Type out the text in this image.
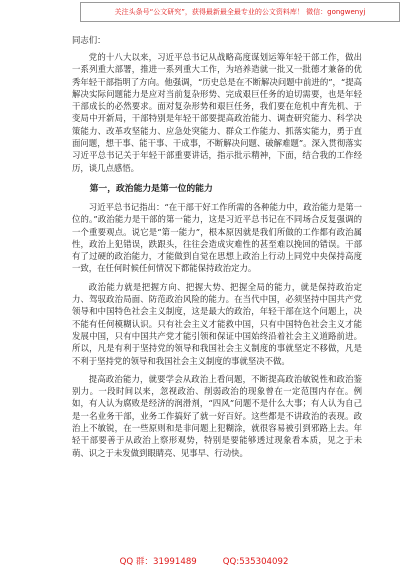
关注头条号“公文研究”，获得最新最全最专业的公文资料库！ 微信：gongwenyj

同志们：

党的十八大以来，习近平总书记从战略高度谋划运筹年轻干部工作，做出一系列重大部署，推进一系列重大工作，为培养造就一批又一批德才兼备的优秀年轻干部指明了方向。他强调，“历史总是在不断解决问题中前进的”，“提高解决实际问题能力是应对当前复杂形势、完成艰巨任务的迫切需要，也是年轻干部成长的必然要求。面对复杂形势和艰巨任务，我们要在危机中育先机、于变局中开新局，干部特别是年轻干部要提高政治能力、调查研究能力、科学决策能力、改革攻坚能力、应急处突能力、群众工作能力、抓落实能力，勇于直面问题，想干事、能干事、干成事，不断解决问题、破解难题”。深入贯彻落实习近平总书记关于年轻干部重要讲话，指示批示精神，下面，结合我的工作经历，谈几点感悟。

第一，政治能力是第一位的能力

习近平总书记指出：“在干部干好工作所需的各种能力中，政治能力是第一位的。”政治能力是干部的第一能力，这是习近平总书记在不同场合反复强调的一个重要观点。说它是“第一能力”，根本原因就是我们所做的工作都有政治属性，政治上犯错误，跌跟头，往往会造成灾难性的甚至难以挽回的错误。干部有了过硬的政治能力，才能做到自觉在思想上政治上行动上同党中央保持高度一致，在任何时候任何情况下都能保持政治定力。

政治能力就是把握方向、把握大势、把握全局的能力，就是保持政治定力、驾驭政治局面、防范政治风险的能力。在当代中国，必须坚持中国共产党领导和中国特色社会主义制度，这是最大的政治，年轻干部在这个问题上，决不能有任何模糊认识。只有社会主义才能救中国，只有中国特色社会主义才能发展中国，只有中国共产党才能引领和保证中国始终沿着社会主义道路前进。所以，凡是有利于坚持党的领导和我国社会主义制度的事就坚定不移做，凡是不利于坚持党的领导和我国社会主义制度的事就坚决不做。

提高政治能力，就要学会从政治上看问题，不断提高政治敏锐性和政治鉴别力。一段时间以来，忽视政治、削弱政治的现象曾在一定范围内存在。例如，有人认为腐败是经济的润滑剂，“四风”问题不是什么大事；有人认为自己是一名业务干部，业务工作搞好了就一好百好。这些都是不讲政治的表现。政治上不敏锐，在一些原则和是非问题上犯糊涂，就很容易被引到邪路上去。年轻干部要善于从政治上察形观势，特别是要能够透过现象看本质，见之于未萌、识之于未发做到眼睛亮、见事早、行动快。

QQ 群：31991489	QQ:535304092
